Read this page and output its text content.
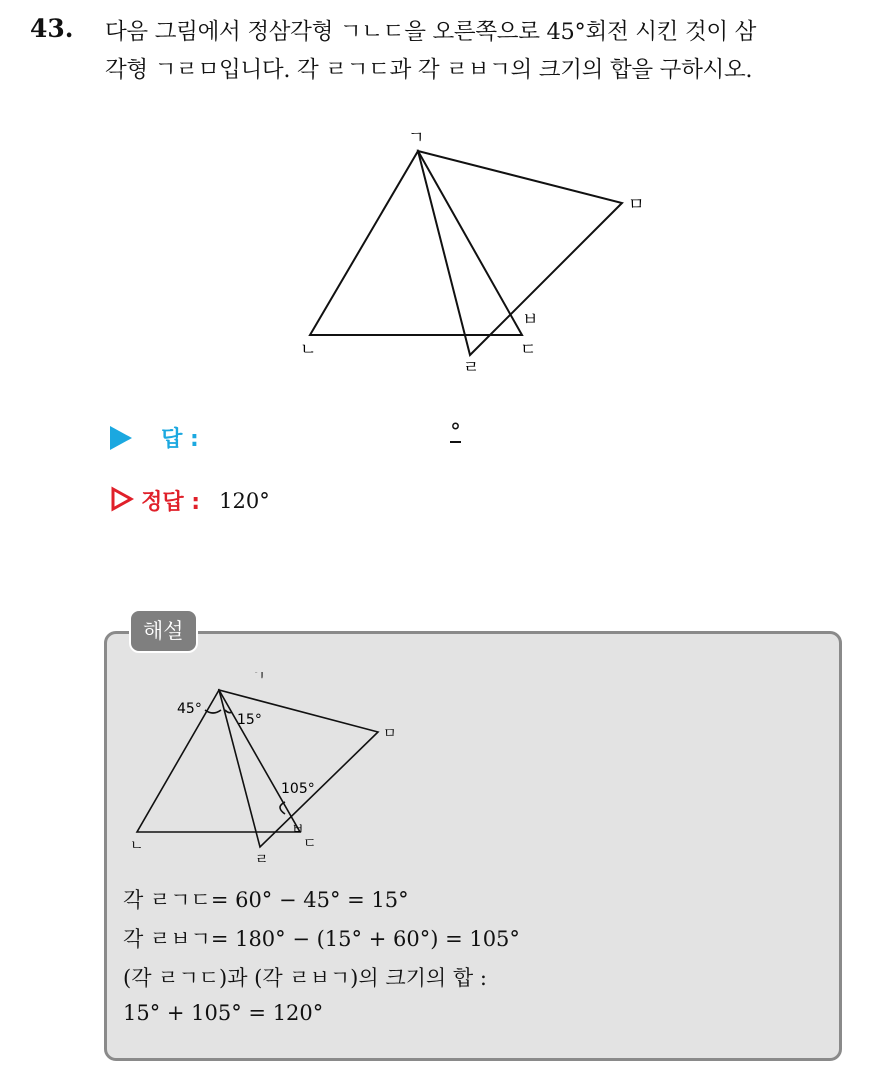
43. 다음 그림에서 정삼각형 ㄱㄴㄷ을 오른쪽으로 45°회전 시킨 것이 삼
각형 ㄱㄹㅁ입니다. 각 ㄹㄱㄷ과 각 ㄹㅂㄱ의 크기의 합을 구하시오.
ㄱ
ㄴ	ㄷ
ㄹ
ㅁ
ㅂ
답 :	°
정답 : 120°
해설
ㄱ
ㄴ	ㄷ
ㄹ
ㅁ
ㅂ
45°
15°
105°
각 ㄹㄱㄷ= 60° − 45° = 15°
각 ㄹㅂㄱ= 180° − (15° + 60°) = 105°
(각 ㄹㄱㄷ)과 (각 ㄹㅂㄱ)의 크기의 합 :
15° + 105° = 120°
